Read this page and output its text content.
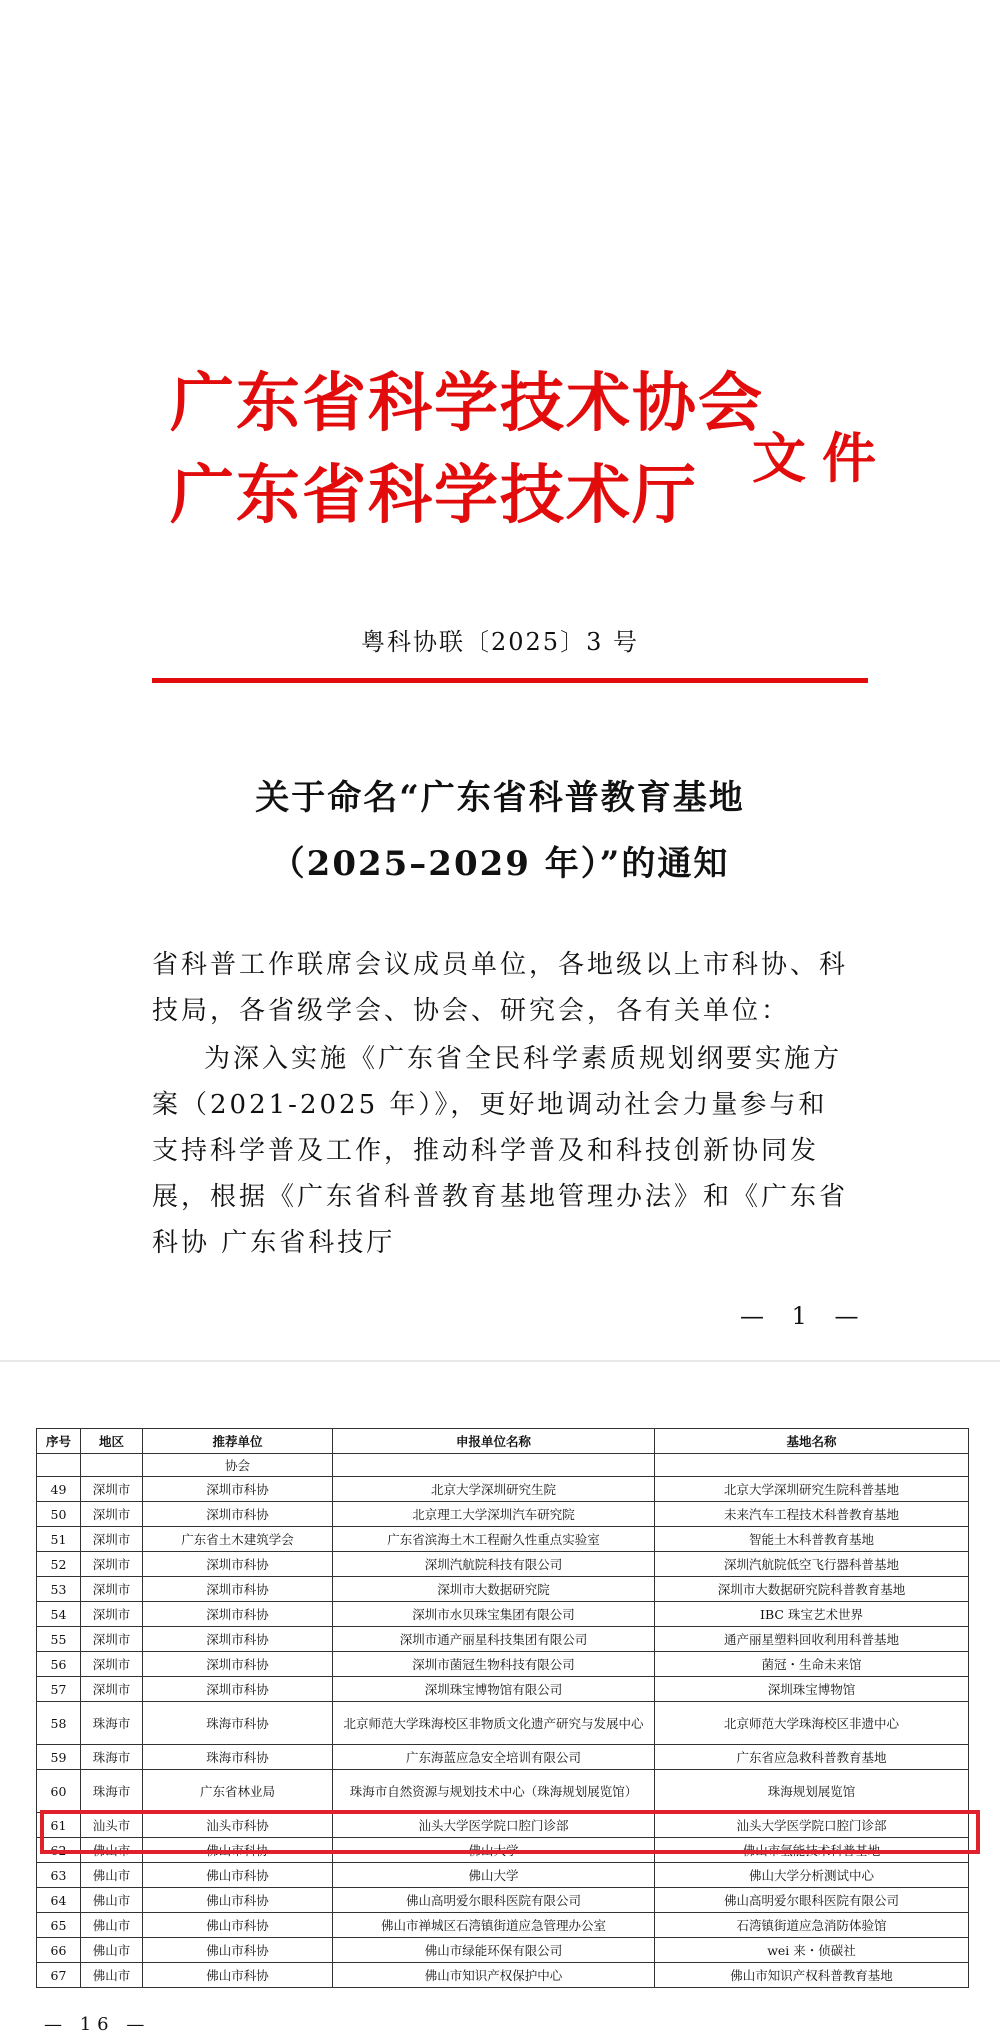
广东省科学技术协会
广东省科学技术厅
文件
粤科协联〔2025〕3 号
关于命名“广东省科普教育基地
（2025–2029 年）”的通知
省科普工作联席会议成员单位，各地级以上市科协、科技局，各省级学会、协会、研究会，各有关单位：
为深入实施《广东省全民科学素质规划纲要实施方案（2021-2025 年）》，更好地调动社会力量参与和支持科学普及工作，推动科学普及和科技创新协同发展，根据《广东省科普教育基地管理办法》和《广东省科协 广东省科技厅
— 1 —
序号	地区	推荐单位	申报单位名称	基地名称
		协会		
49	深圳市	深圳市科协	北京大学深圳研究生院	北京大学深圳研究生院科普基地
50	深圳市	深圳市科协	北京理工大学深圳汽车研究院	未来汽车工程技术科普教育基地
51	深圳市	广东省土木建筑学会	广东省滨海土木工程耐久性重点实验室	智能土木科普教育基地
52	深圳市	深圳市科协	深圳汽航院科技有限公司	深圳汽航院低空飞行器科普基地
53	深圳市	深圳市科协	深圳市大数据研究院	深圳市大数据研究院科普教育基地
54	深圳市	深圳市科协	深圳市水贝珠宝集团有限公司	IBC 珠宝艺术世界
55	深圳市	深圳市科协	深圳市通产丽星科技集团有限公司	通产丽星塑料回收利用科普基地
56	深圳市	深圳市科协	深圳市菌冠生物科技有限公司	菌冠・生命未来馆
57	深圳市	深圳市科协	深圳珠宝博物馆有限公司	深圳珠宝博物馆
58	珠海市	珠海市科协	北京师范大学珠海校区非物质文化遗产研究与发展中心	北京师范大学珠海校区非遗中心
59	珠海市	珠海市科协	广东海蓝应急安全培训有限公司	广东省应急救科普教育基地
60	珠海市	广东省林业局	珠海市自然资源与规划技术中心（珠海规划展览馆）	珠海规划展览馆
61	汕头市	汕头市科协	汕头大学医学院口腔门诊部	汕头大学医学院口腔门诊部
62	佛山市	佛山市科协	佛山大学	佛山市氢能技术科普基地
63	佛山市	佛山市科协	佛山大学	佛山大学分析测试中心
64	佛山市	佛山市科协	佛山高明爱尔眼科医院有限公司	佛山高明爱尔眼科医院有限公司
65	佛山市	佛山市科协	佛山市禅城区石湾镇街道应急管理办公室	石湾镇街道应急消防体验馆
66	佛山市	佛山市科协	佛山市绿能环保有限公司	wei 来・侦碳社
67	佛山市	佛山市科协	佛山市知识产权保护中心	佛山市知识产权科普教育基地
— 16 —
